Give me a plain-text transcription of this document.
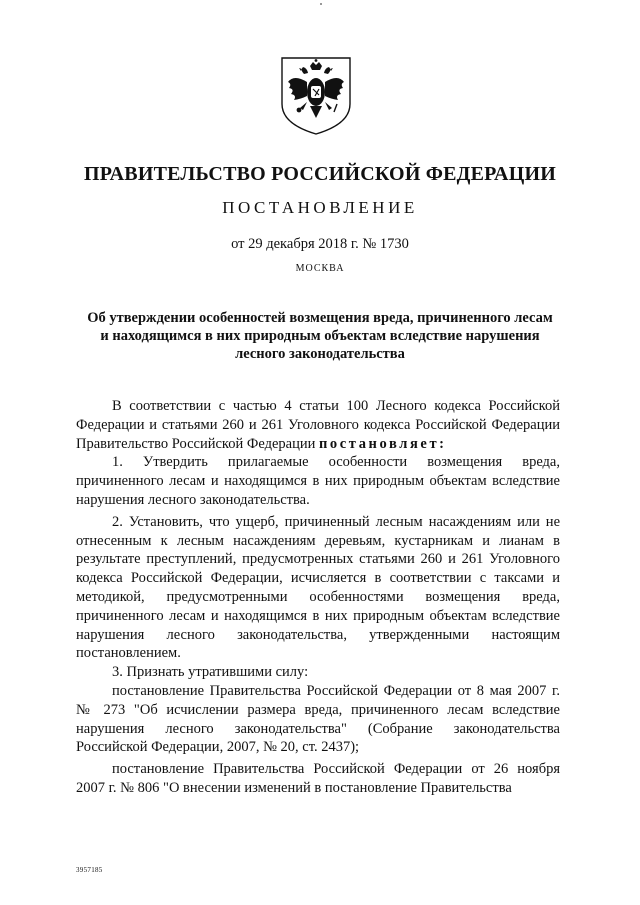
ПРАВИТЕЛЬСТВО РОССИЙСКОЙ ФЕДЕРАЦИИ
ПОСТАНОВЛЕНИЕ
от 29 декабря 2018 г. № 1730
МОСКВА
Об утверждении особенностей возмещения вреда, причиненного лесам
и находящимся в них природным объектам вследствие нарушения
лесного законодательства

В соответствии с частью 4 статьи 100 Лесного кодекса Российской Федерации и статьями 260 и 261 Уголовного кодекса Российской Федерации Правительство Российской Федерации постановляет:

1. Утвердить прилагаемые особенности возмещения вреда, причиненного лесам и находящимся в них природным объектам вследствие нарушения лесного законодательства.

2. Установить, что ущерб, причиненный лесным насаждениям или не отнесенным к лесным насаждениям деревьям, кустарникам и лианам в результате преступлений, предусмотренных статьями 260 и 261 Уголовного кодекса Российской Федерации, исчисляется в соответствии с таксами и методикой, предусмотренными особенностями возмещения вреда, причиненного лесам и находящимся в них природным объектам вследствие нарушения лесного законодательства, утвержденными настоящим постановлением.

3. Признать утратившими силу:

постановление Правительства Российской Федерации от 8 мая 2007 г. № 273 "Об исчислении размера вреда, причиненного лесам вследствие нарушения лесного законодательства" (Собрание законодательства Российской Федерации, 2007, № 20, ст. 2437);

постановление Правительства Российской Федерации от 26 ноября 2007 г. № 806 "О внесении изменений в постановление Правительства

3957185
